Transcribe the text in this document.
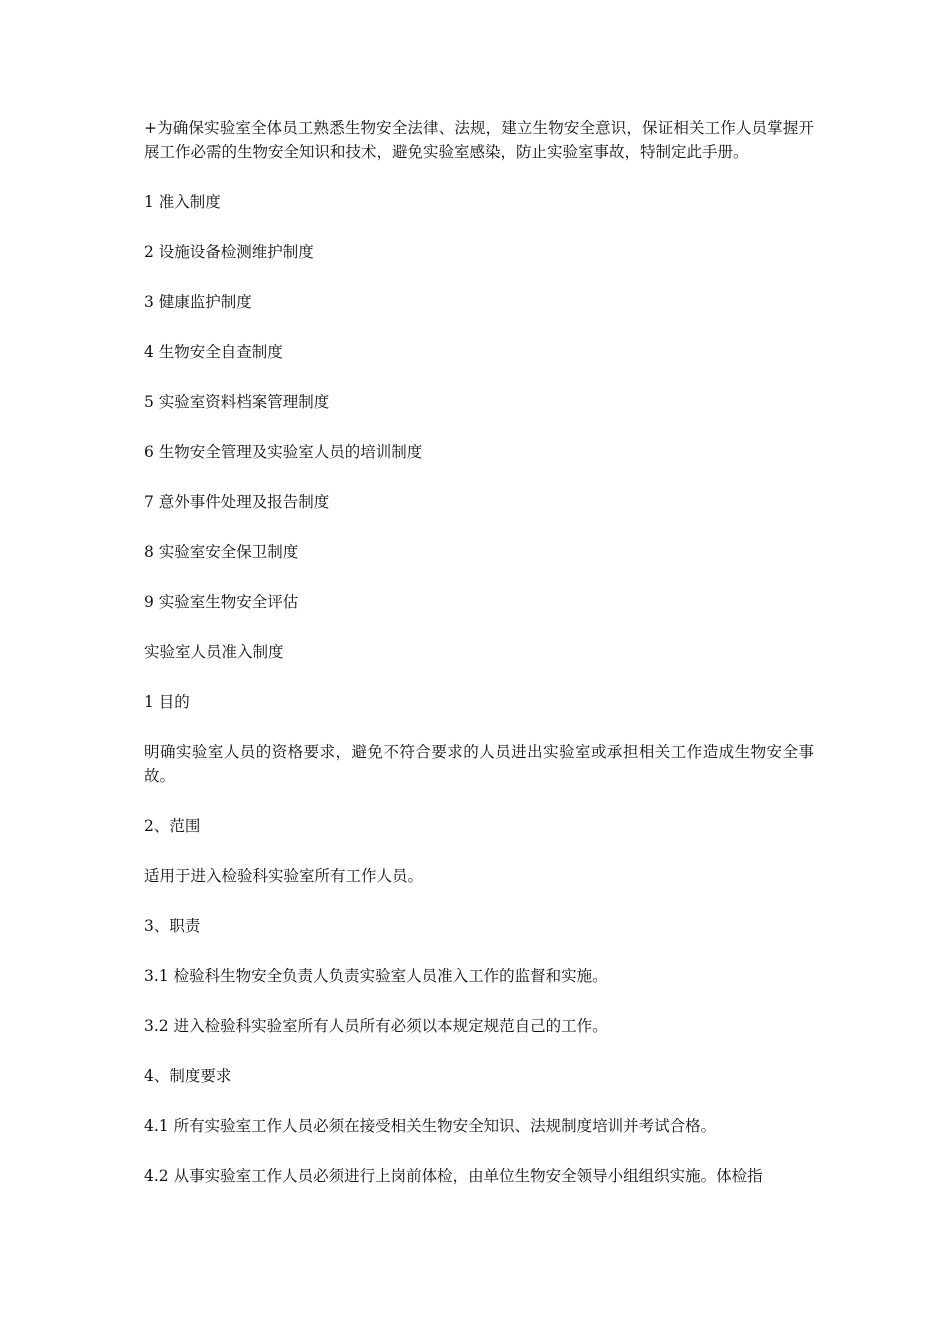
+为确保实验室全体员工熟悉生物安全法律、法规，建立生物安全意识，保证相关工作人员掌握开展工作必需的生物安全知识和技术，避免实验室感染，防止实验室事故，特制定此手册。

1 准入制度

2 设施设备检测维护制度

3 健康监护制度

4 生物安全自查制度

5 实验室资料档案管理制度

6 生物安全管理及实验室人员的培训制度

7 意外事件处理及报告制度

8 实验室安全保卫制度

9 实验室生物安全评估

实验室人员准入制度

1 目的

明确实验室人员的资格要求，避免不符合要求的人员进出实验室或承担相关工作造成生物安全事故。

2、范围

适用于进入检验科实验室所有工作人员。

3、职责

3.1 检验科生物安全负责人负责实验室人员准入工作的监督和实施。

3.2 进入检验科实验室所有人员所有必须以本规定规范自己的工作。

4、制度要求

4.1 所有实验室工作人员必须在接受相关生物安全知识、法规制度培训并考试合格。

4.2 从事实验室工作人员必须进行上岗前体检，由单位生物安全领导小组组织实施。体检指
